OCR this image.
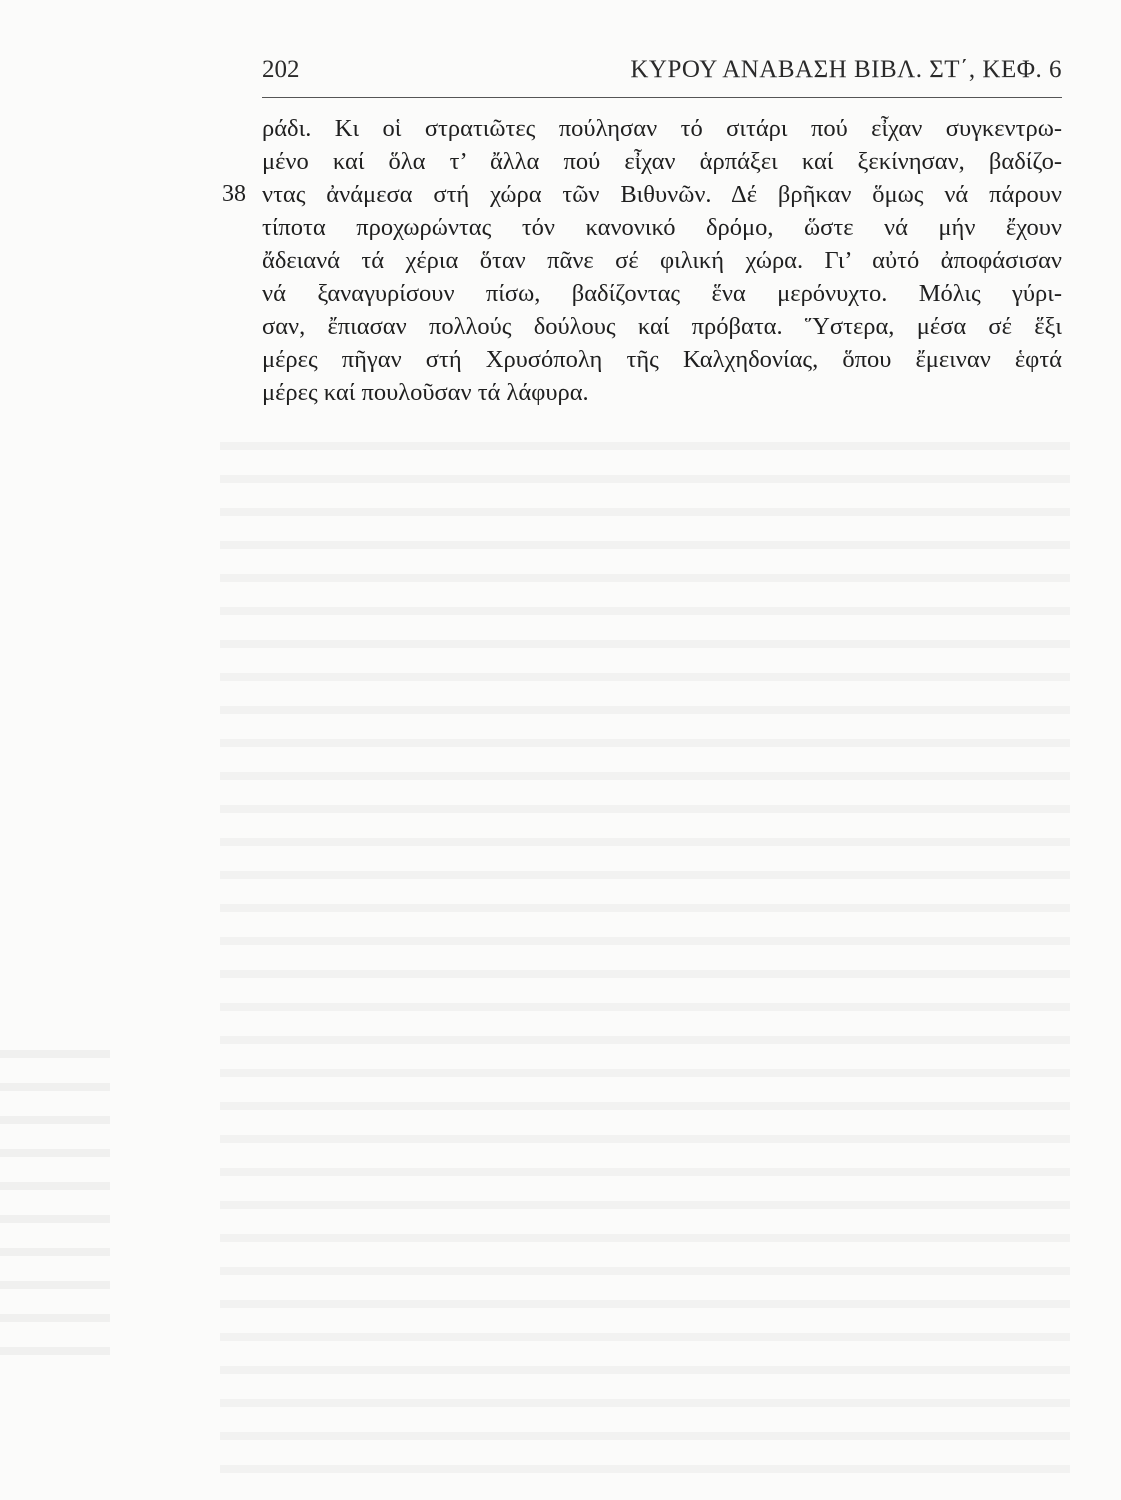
202	ΚΥΡΟΥ ΑΝΑΒΑΣΗ ΒΙΒΛ. ΣΤ΄, ΚΕΦ. 6
ράδι. Κι οἱ στρατιῶτες πούλησαν τό σιτάρι πού εἶχαν συγκεντρω-
μένο καί ὅλα τ’ ἄλλα πού εἶχαν ἁρπάξει καί ξεκίνησαν, βαδίζο-
38 ντας ἀνάμεσα στή χώρα τῶν Βιθυνῶν. Δέ βρῆκαν ὅμως νά πάρουν
τίποτα προχωρώντας τόν κανονικό δρόμο, ὥστε νά μήν ἔχουν
ἄδειανά τά χέρια ὅταν πᾶνε σέ φιλική χώρα. Γι’ αὐτό ἀποφάσισαν
νά ξαναγυρίσουν πίσω, βαδίζοντας ἕνα μερόνυχτο. Μόλις γύρι-
σαν, ἔπιασαν πολλούς δούλους καί πρόβατα. Ὕστερα, μέσα σέ ἕξι
μέρες πῆγαν στή Χρυσόπολη τῆς Καλχηδονίας, ὅπου ἔμειναν ἑφτά
μέρες καί πουλοῦσαν τά λάφυρα.
